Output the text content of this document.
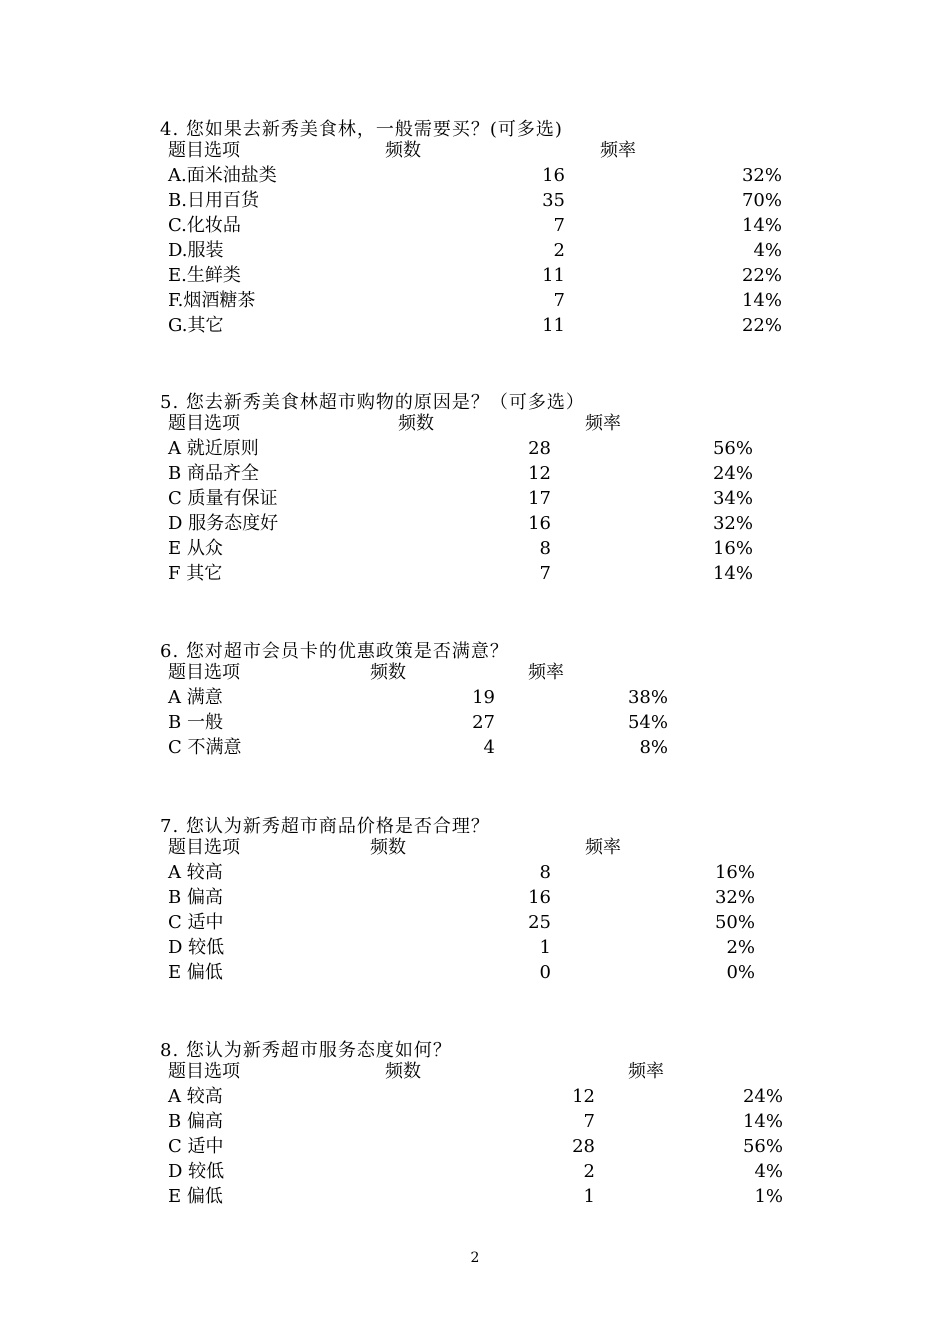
4. 您如果去新秀美食林，一般需要买？(可多选)
题目选项	频数	频率
A.面米油盐类	16	32%
B.日用百货	35	70%
C.化妆品	7	14%
D.服装	2	4%
E.生鲜类	11	22%
F.烟酒糖茶	7	14%
G.其它	11	22%
5. 您去新秀美食林超市购物的原因是？（可多选）
题目选项	频数	频率
A 就近原则	28	56%
B 商品齐全	12	24%
C 质量有保证	17	34%
D 服务态度好	16	32%
E 从众	8	16%
F 其它	7	14%
6. 您对超市会员卡的优惠政策是否满意？
题目选项	频数	频率
A 满意	19	38%
B 一般	27	54%
C 不满意	4	8%
7. 您认为新秀超市商品价格是否合理？
题目选项	频数	频率
A 较高	8	16%
B 偏高	16	32%
C 适中	25	50%
D 较低	1	2%
E 偏低	0	0%
8. 您认为新秀超市服务态度如何？
题目选项	频数	频率
A 较高	12	24%
B 偏高	7	14%
C 适中	28	56%
D 较低	2	4%
E 偏低	1	1%
2
